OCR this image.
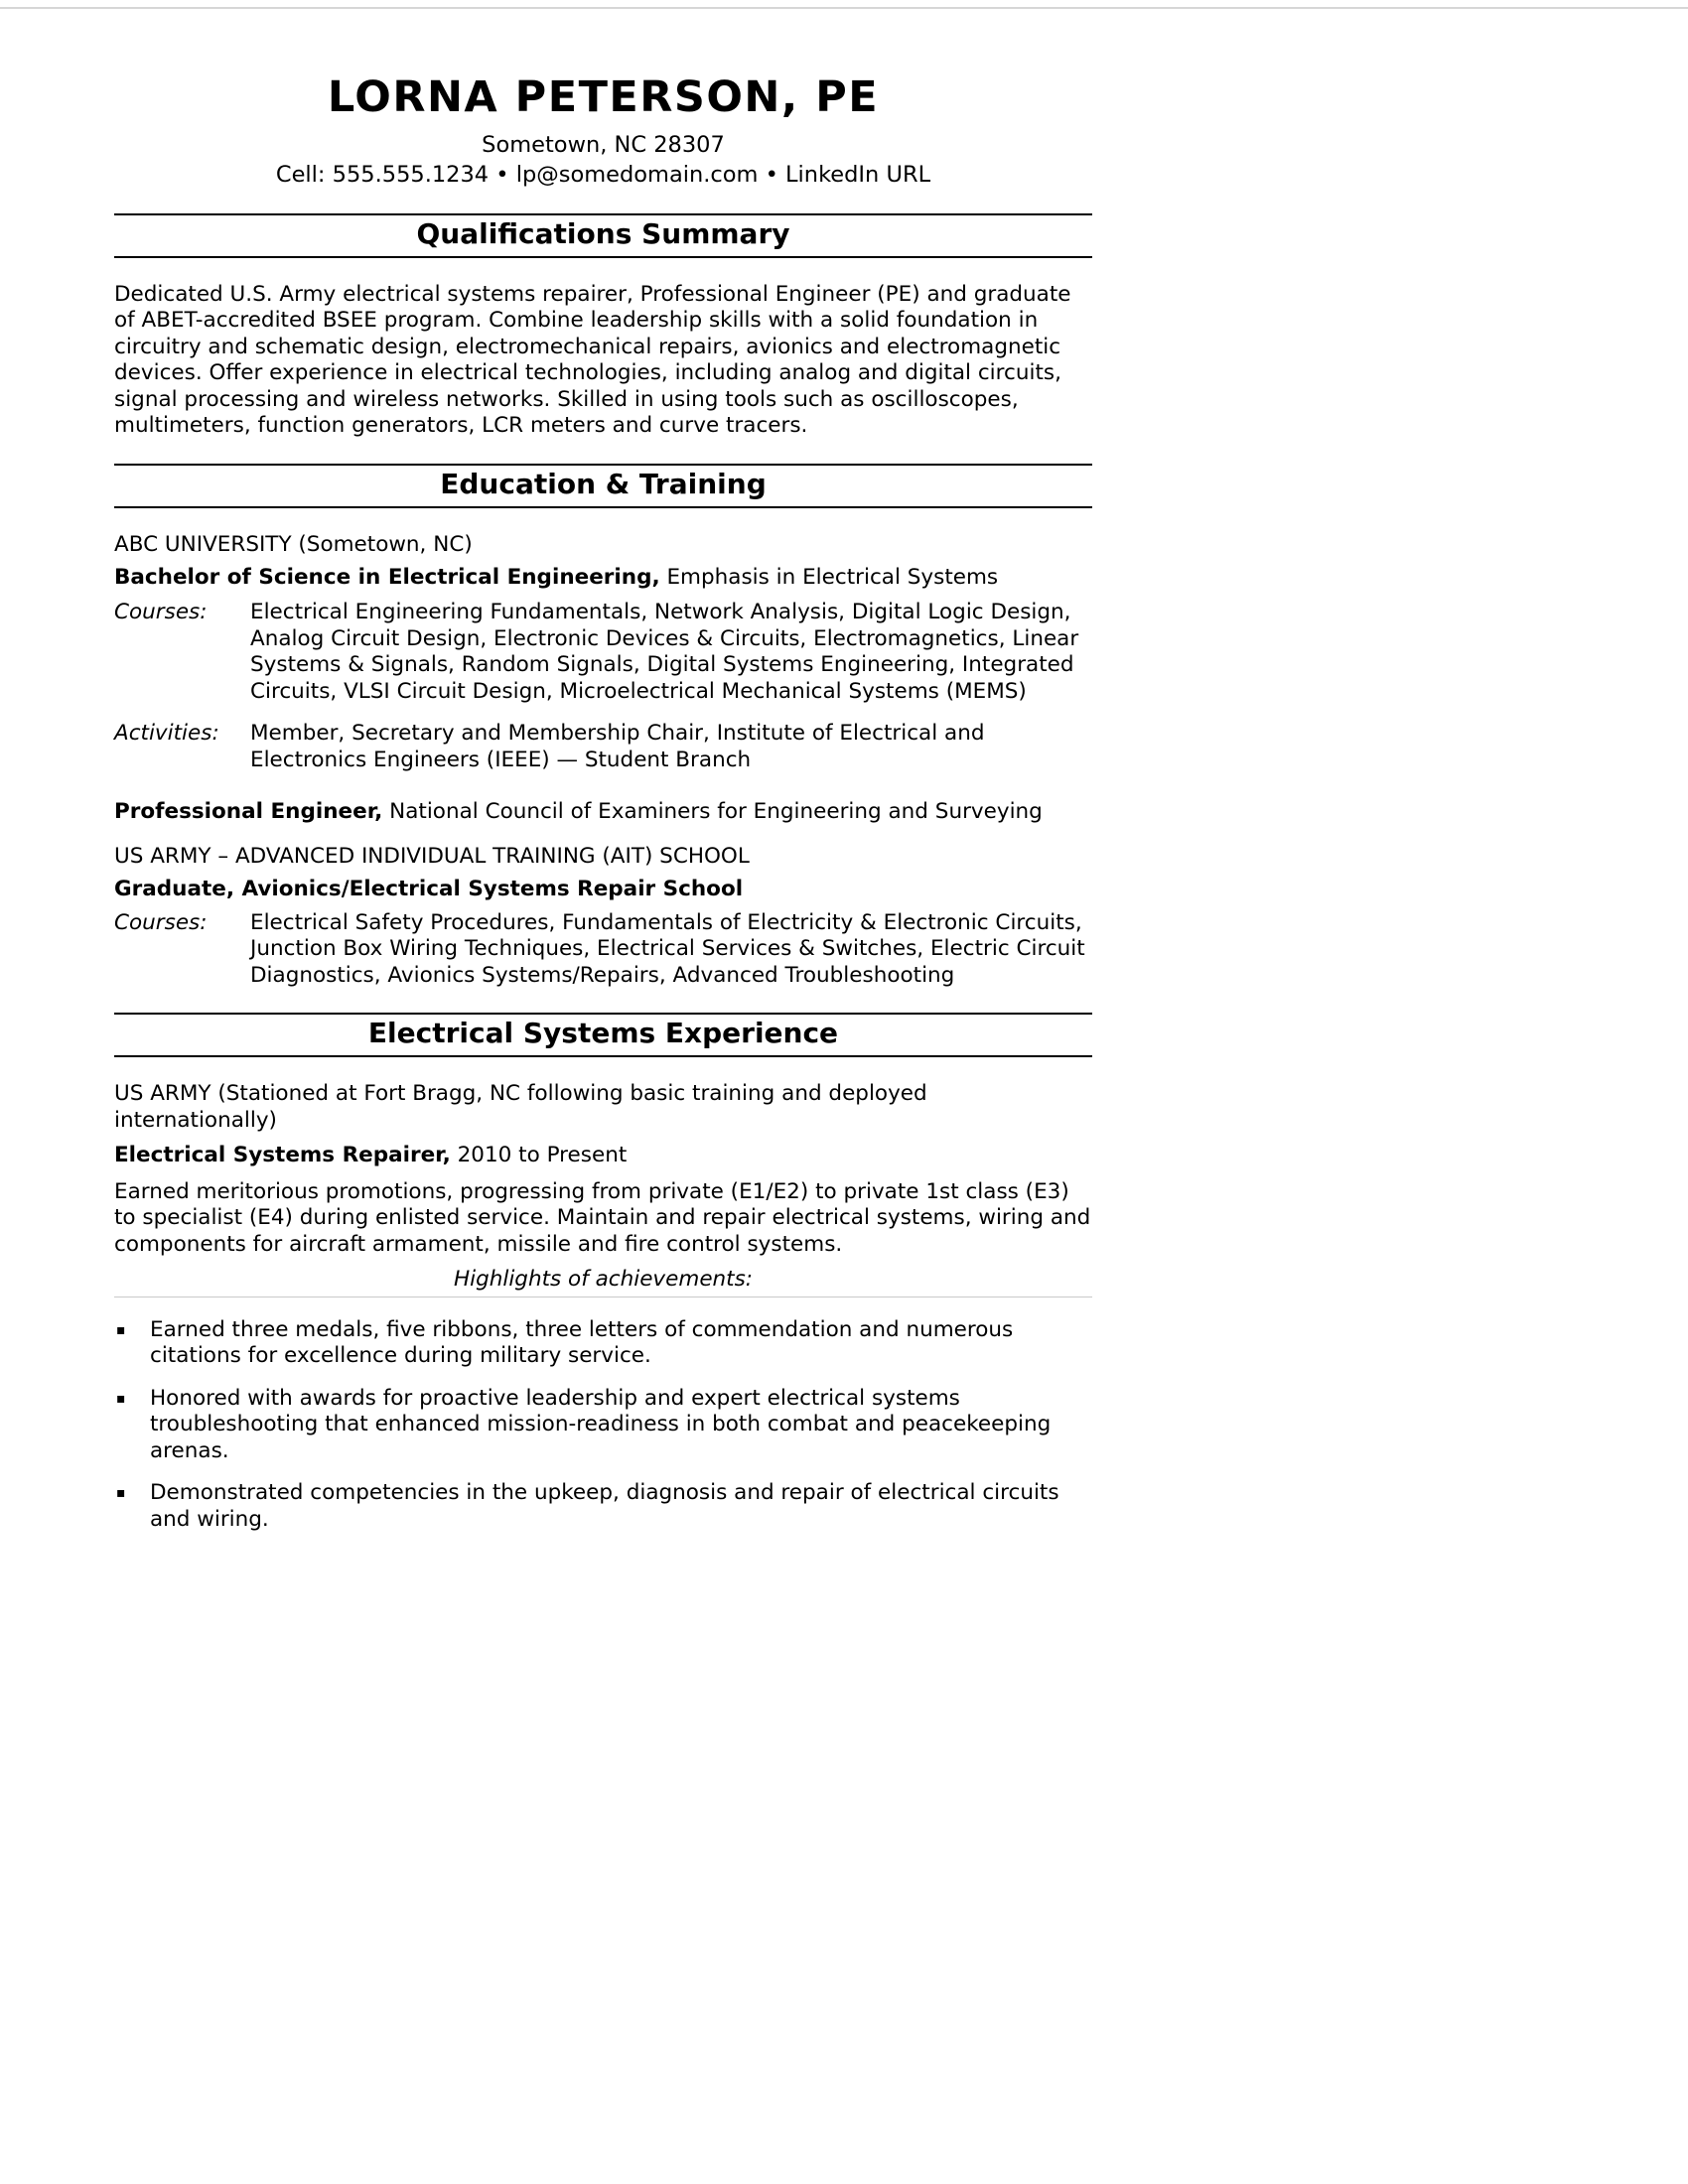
LORNA PETERSON, PE
Sometown, NC 28307
Cell: 555.555.1234 • lp@somedomain.com • LinkedIn URL
Qualifications Summary

Dedicated U.S. Army electrical systems repairer, Professional Engineer (PE) and graduate of ABET-accredited BSEE program. Combine leadership skills with a solid foundation in circuitry and schematic design, electromechanical repairs, avionics and electromagnetic devices. Offer experience in electrical technologies, including analog and digital circuits, signal processing and wireless networks. Skilled in using tools such as oscilloscopes, multimeters, function generators, LCR meters and curve tracers.

Education & Training
ABC UNIVERSITY (Sometown, NC)
Bachelor of Science in Electrical Engineering, Emphasis in Electrical Systems
Courses:	Electrical Engineering Fundamentals, Network Analysis, Digital Logic Design, Analog Circuit Design, Electronic Devices & Circuits, Electromagnetics, Linear Systems & Signals, Random Signals, Digital Systems Engineering, Integrated Circuits, VLSI Circuit Design, Microelectrical Mechanical Systems (MEMS)
Activities:	Member, Secretary and Membership Chair, Institute of Electrical and Electronics Engineers (IEEE) — Student Branch
Professional Engineer, National Council of Examiners for Engineering and Surveying
US ARMY – ADVANCED INDIVIDUAL TRAINING (AIT) SCHOOL
Graduate, Avionics/Electrical Systems Repair School
Courses:	Electrical Safety Procedures, Fundamentals of Electricity & Electronic Circuits, Junction Box Wiring Techniques, Electrical Services & Switches, Electric Circuit Diagnostics, Avionics Systems/Repairs, Advanced Troubleshooting
Electrical Systems Experience
US ARMY (Stationed at Fort Bragg, NC following basic training and deployed internationally)
Electrical Systems Repairer, 2010 to Present

Earned meritorious promotions, progressing from private (E1/E2) to private 1st class (E3) to specialist (E4) during enlisted service. Maintain and repair electrical systems, wiring and components for aircraft armament, missile and fire control systems.

Highlights of achievements:
▪	Earned three medals, five ribbons, three letters of commendation and numerous citations for excellence during military service.
▪	Honored with awards for proactive leadership and expert electrical systems troubleshooting that enhanced mission-readiness in both combat and peacekeeping arenas.
▪	Demonstrated competencies in the upkeep, diagnosis and repair of electrical circuits and wiring.
